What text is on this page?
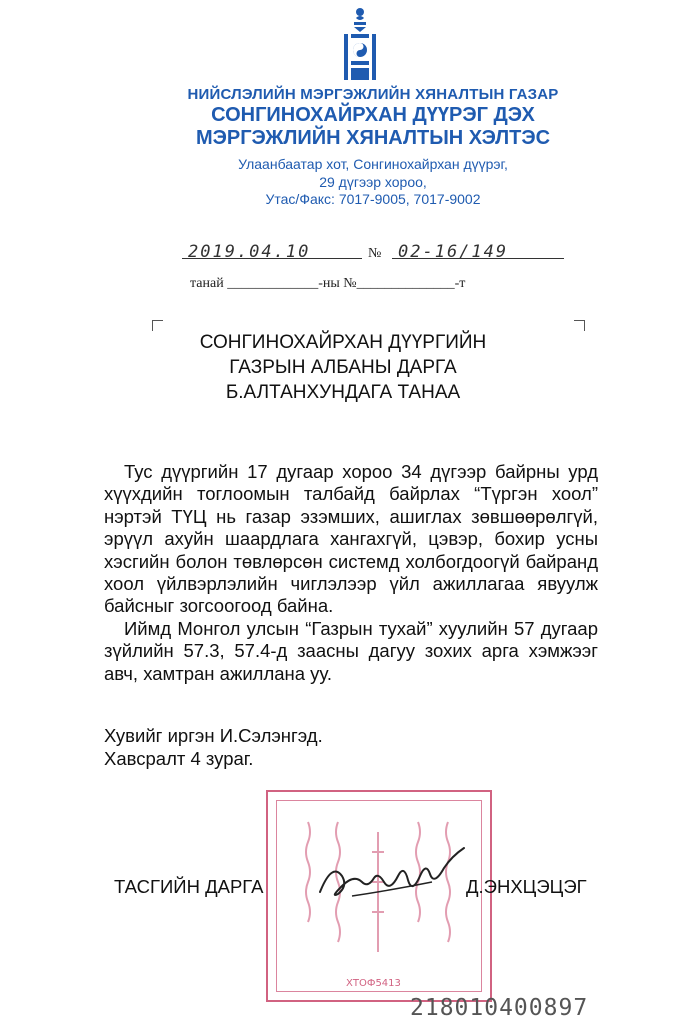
НИЙСЛЭЛИЙН МЭРГЭЖЛИЙН ХЯНАЛТЫН ГАЗАР
СОНГИНОХАЙРХАН ДҮҮРЭГ ДЭХ
МЭРГЭЖЛИЙН ХЯНАЛТЫН ХЭЛТЭС
Улаанбаатар хот, Сонгинохайрхан дүүрэг,
29 дүгээр хороо,
Утас/Факс: 7017-9005, 7017-9002
2019.04.10	№ 02-16/149
танай _____________-ны №______________-т
СОНГИНОХАЙРХАН ДҮҮРГИЙН
ГАЗРЫН АЛБАНЫ ДАРГА
Б.АЛТАНХУНДАГА ТАНАА

Тус дүүргийн 17 дугаар хороо 34 дүгээр байрны урд хүүхдийн тоглоомын талбайд байрлах “Түргэн хоол” нэртэй ТҮЦ нь газар эзэмших, ашиглах зөвшөөрөлгүй, эрүүл ахуйн шаардлага хангахгүй, цэвэр, бохир усны хэсгийн болон төвлөрсөн системд холбогдоогүй байранд хоол үйлвэрлэлийн чиглэлээр үйл ажиллагаа явуулж байсныг зогсоогоод байна.

Иймд Монгол улсын “Газрын тухай” хуулийн 57 дугаар зүйлийн 57.3, 57.4-д заасны дагуу зохих арга хэмжээг авч, хамтран ажиллана уу.

Хувийг иргэн И.Сэлэнгэд.
Хавсралт 4 зураг.
ХТОФ5413
ТАСГИЙН ДАРГА	Д.ЭНХЦЭЦЭГ
218010400897
